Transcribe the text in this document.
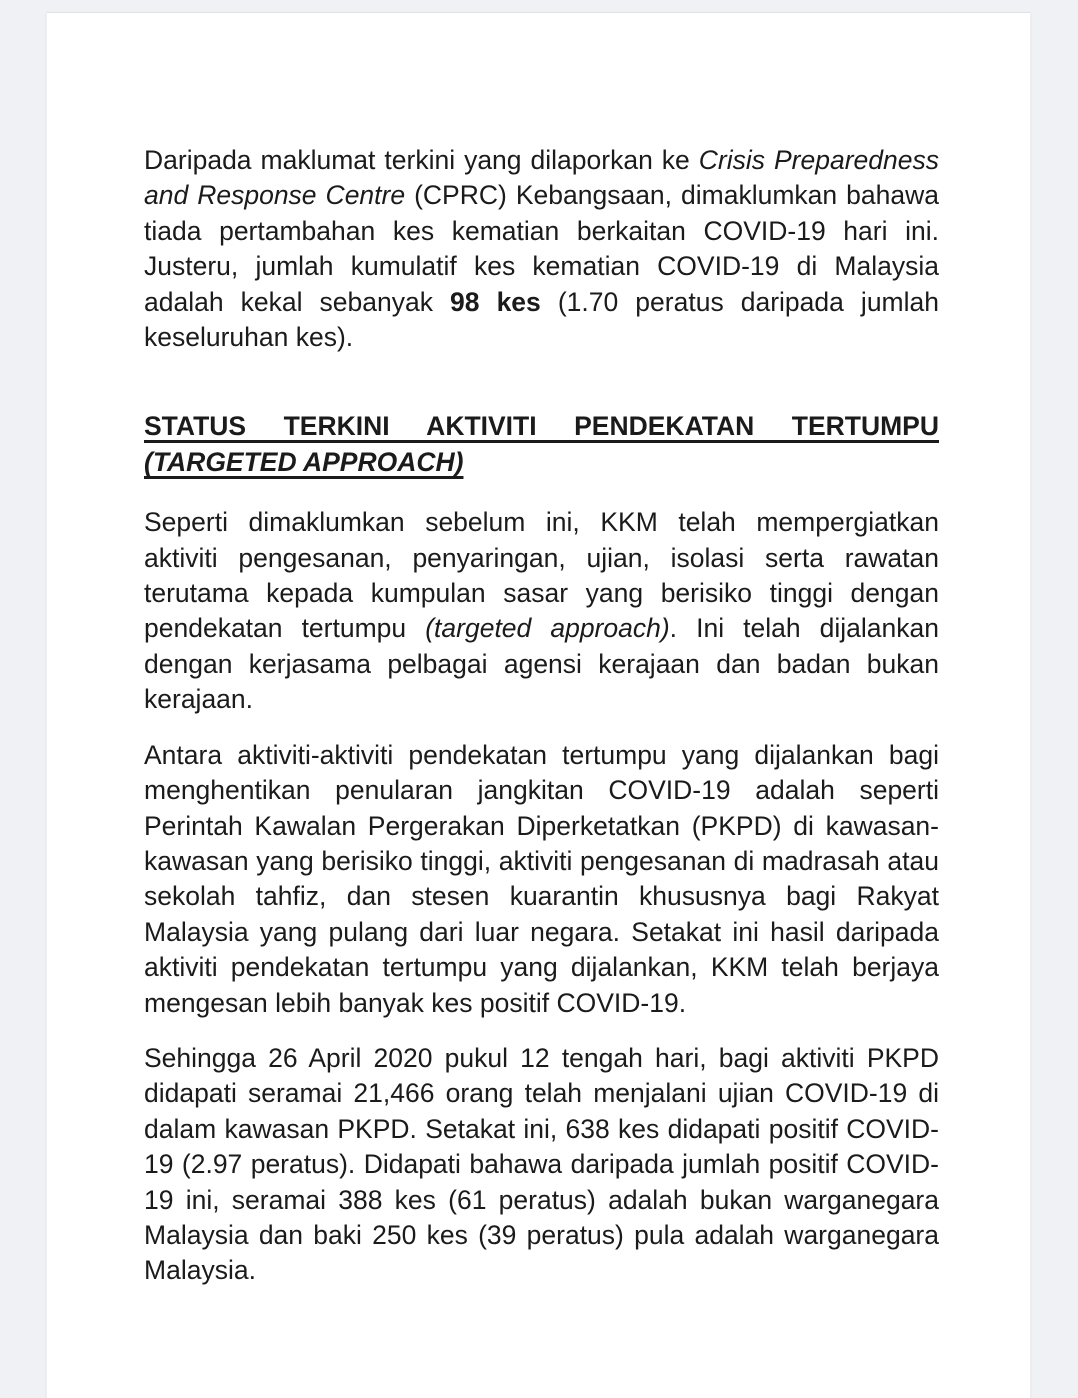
Daripada maklumat terkini yang dilaporkan ke Crisis Preparedness
and Response Centre (CPRC) Kebangsaan, dimaklumkan bahawa
tiada pertambahan kes kematian berkaitan COVID-19 hari ini.
Justeru, jumlah kumulatif kes kematian COVID-19 di Malaysia
adalah kekal sebanyak 98 kes (1.70 peratus daripada jumlah
keseluruhan kes).
STATUS TERKINI AKTIVITI PENDEKATAN TERTUMPU
(TARGETED APPROACH)
Seperti dimaklumkan sebelum ini, KKM telah mempergiatkan
aktiviti pengesanan, penyaringan, ujian, isolasi serta rawatan
terutama kepada kumpulan sasar yang berisiko tinggi dengan
pendekatan tertumpu (targeted approach). Ini telah dijalankan
dengan kerjasama pelbagai agensi kerajaan dan badan bukan
kerajaan.
Antara aktiviti-aktiviti pendekatan tertumpu yang dijalankan bagi
menghentikan penularan jangkitan COVID-19 adalah seperti
Perintah Kawalan Pergerakan Diperketatkan (PKPD) di kawasan-
kawasan yang berisiko tinggi, aktiviti pengesanan di madrasah atau
sekolah tahfiz, dan stesen kuarantin khususnya bagi Rakyat
Malaysia yang pulang dari luar negara. Setakat ini hasil daripada
aktiviti pendekatan tertumpu yang dijalankan, KKM telah berjaya
mengesan lebih banyak kes positif COVID-19.
Sehingga 26 April 2020 pukul 12 tengah hari, bagi aktiviti PKPD
didapati seramai 21,466 orang telah menjalani ujian COVID-19 di
dalam kawasan PKPD. Setakat ini, 638 kes didapati positif COVID-
19 (2.97 peratus). Didapati bahawa daripada jumlah positif COVID-
19 ini, seramai 388 kes (61 peratus) adalah bukan warganegara
Malaysia dan baki 250 kes (39 peratus) pula adalah warganegara
Malaysia.
